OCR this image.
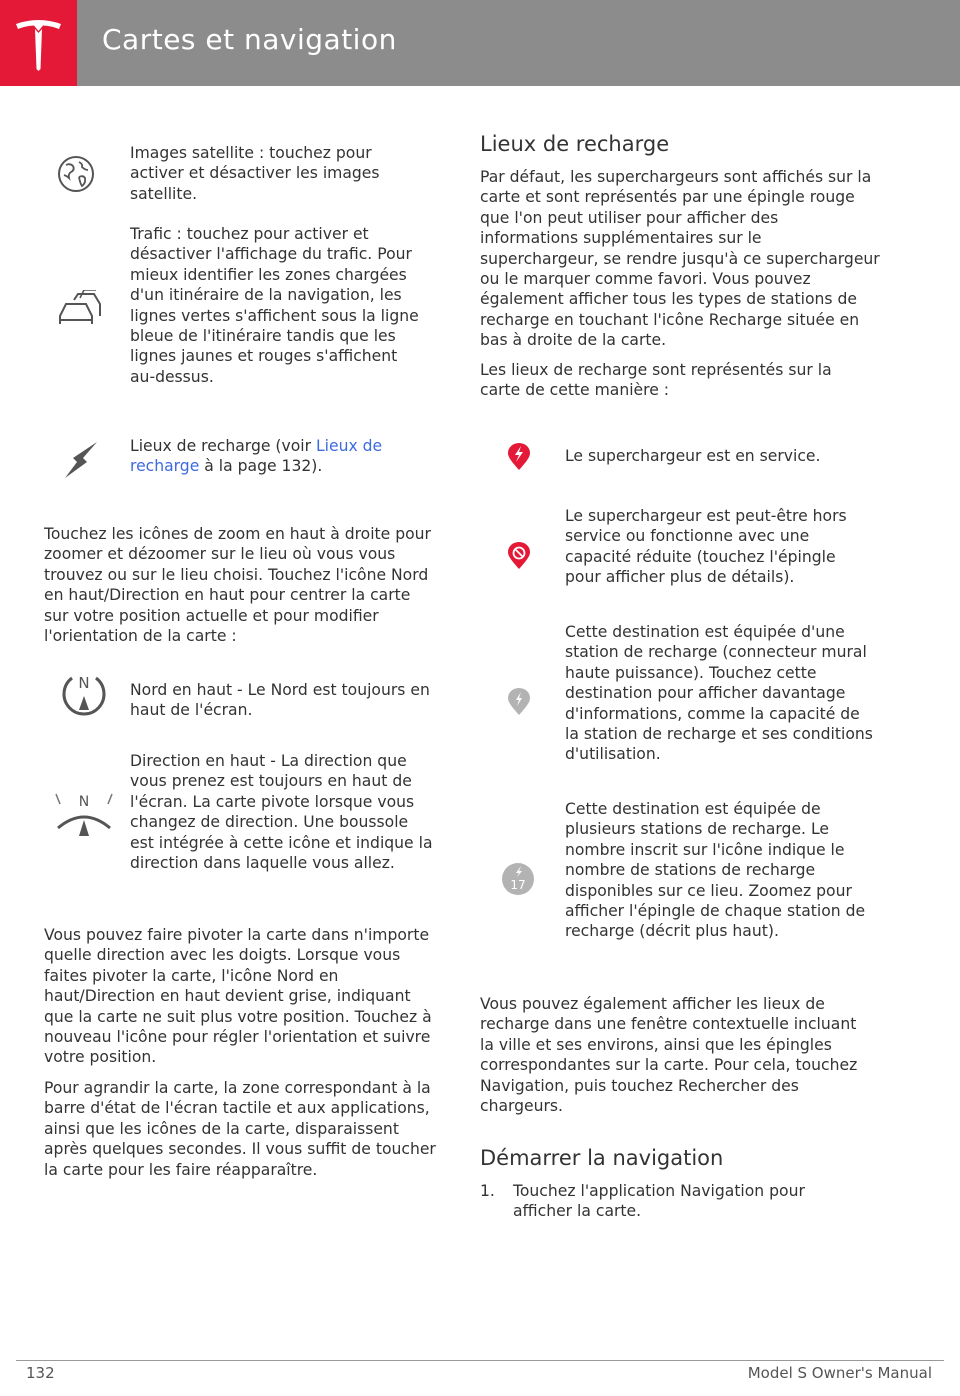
Cartes et navigation
Images satellite : touchez pour activer et désactiver les images satellite.
Trafic : touchez pour activer et désactiver l'affichage du trafic. Pour mieux identifier les zones chargées d'un itinéraire de la navigation, les lignes vertes s'affichent sous la ligne bleue de l'itinéraire tandis que les lignes jaunes et rouges s'affichent au-dessus.
Lieux de recharge (voir Lieux de recharge à la page 132).

Touchez les icônes de zoom en haut à droite pour zoomer et dézoomer sur le lieu où vous vous trouvez ou sur le lieu choisi. Touchez l'icône Nord en haut/Direction en haut pour centrer la carte sur votre position actuelle et pour modifier l'orientation de la carte :

N	Nord en haut - Le Nord est toujours en haut de l'écran.
N
Direction en haut - La direction que vous prenez est toujours en haut de l'écran. La carte pivote lorsque vous changez de direction. Une boussole est intégrée à cette icône et indique la direction dans laquelle vous allez.

Vous pouvez faire pivoter la carte dans n'importe quelle direction avec les doigts. Lorsque vous faites pivoter la carte, l'icône Nord en haut/Direction en haut devient grise, indiquant que la carte ne suit plus votre position. Touchez à nouveau l'icône pour régler l'orientation et suivre votre position.

Pour agrandir la carte, la zone correspondant à la barre d'état de l'écran tactile et aux applications, ainsi que les icônes de la carte, disparaissent après quelques secondes. Il vous suffit de toucher la carte pour les faire réapparaître.

Lieux de recharge

Par défaut, les superchargeurs sont affichés sur la carte et sont représentés par une épingle rouge que l'on peut utiliser pour afficher des informations supplémentaires sur le superchargeur, se rendre jusqu'à ce superchargeur ou le marquer comme favori. Vous pouvez également afficher tous les types de stations de recharge en touchant l'icône Recharge située en bas à droite de la carte.

Les lieux de recharge sont représentés sur la carte de cette manière :

Le superchargeur est en service.
Le superchargeur est peut-être hors service ou fonctionne avec une capacité réduite (touchez l'épingle pour afficher plus de détails).
Cette destination est équipée d'une station de recharge (connecteur mural haute puissance). Touchez cette destination pour afficher davantage d'informations, comme la capacité de la station de recharge et ses conditions d'utilisation.
17
Cette destination est équipée de plusieurs stations de recharge. Le nombre inscrit sur l'icône indique le nombre de stations de recharge disponibles sur ce lieu. Zoomez pour afficher l'épingle de chaque station de recharge (décrit plus haut).

Vous pouvez également afficher les lieux de recharge dans une fenêtre contextuelle incluant la ville et ses environs, ainsi que les épingles correspondantes sur la carte. Pour cela, touchez Navigation, puis touchez Rechercher des chargeurs.

Démarrer la navigation
1. Touchez l'application Navigation pour afficher la carte.
132	Model S Owner's Manual
